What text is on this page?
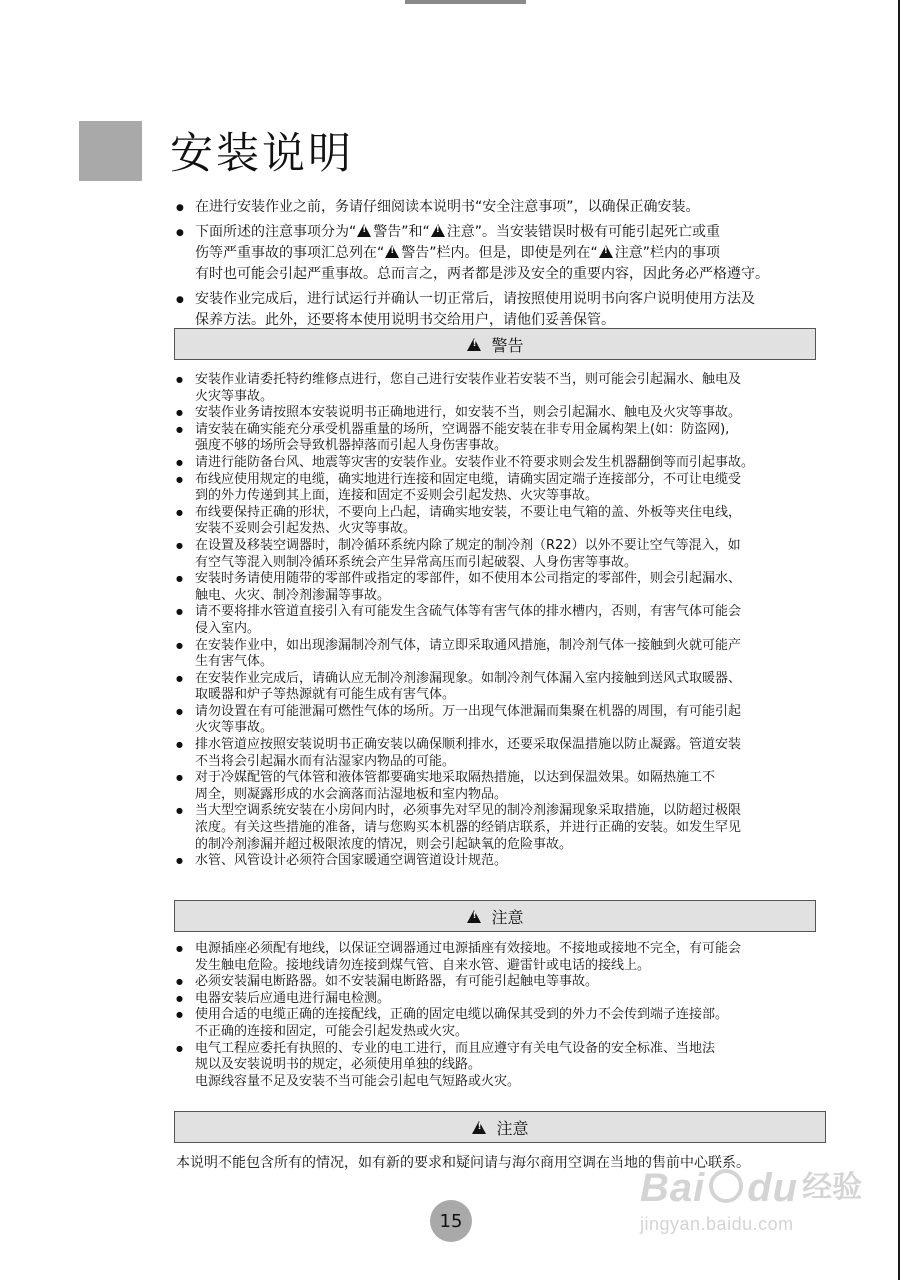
安装说明
● 在进行安装作业之前，务请仔细阅读本说明书“安全注意事项”，以确保正确安装。
● 下面所述的注意事项分为“ ! 警告”和“ ! 注意”。当安装错误时极有可能引起死亡或重
伤等严重事故的事项汇总列在“ ! 警告”栏内。但是，即使是列在“ ! 注意”栏内的事项
有时也可能会引起严重事故。总而言之，两者都是涉及安全的重要内容，因此务必严格遵守。
● 安装作业完成后，进行试运行并确认一切正常后，请按照使用说明书向客户说明使用方法及
保养方法。此外，还要将本使用说明书交给用户，请他们妥善保管。
!
警告
● 安装作业请委托特约维修点进行，您自己进行安装作业若安装不当，则可能会引起漏水、触电及
火灾等事故。
● 安装作业务请按照本安装说明书正确地进行，如安装不当，则会引起漏水、触电及火灾等事故。
● 请安装在确实能充分承受机器重量的场所，空调器不能安装在非专用金属构架上(如：防盗网),
强度不够的场所会导致机器掉落而引起人身伤害事故。
● 请进行能防备台风、地震等灾害的安装作业。安装作业不符要求则会发生机器翻倒等而引起事故。
● 布线应使用规定的电缆，确实地进行连接和固定电缆，请确实固定端子连接部分，不可让电缆受
到的外力传递到其上面，连接和固定不妥则会引起发热、火灾等事故。
● 布线要保持正确的形状，不要向上凸起，请确实地安装，不要让电气箱的盖、外板等夹住电线，
安装不妥则会引起发热、火灾等事故。
● 在设置及移装空调器时，制冷循环系统内除了规定的制冷剂（R22）以外不要让空气等混入，如
有空气等混入则制冷循环系统会产生异常高压而引起破裂、人身伤害等事故。
● 安装时务请使用随带的零部件或指定的零部件，如不使用本公司指定的零部件，则会引起漏水、
触电、火灾、制冷剂渗漏等事故。
● 请不要将排水管道直接引入有可能发生含硫气体等有害气体的排水槽内，否则，有害气体可能会
侵入室内。
● 在安装作业中，如出现渗漏制冷剂气体，请立即采取通风措施，制冷剂气体一接触到火就可能产
生有害气体。
● 在安装作业完成后，请确认应无制冷剂渗漏现象。如制冷剂气体漏入室内接触到送风式取暖器、
取暖器和炉子等热源就有可能生成有害气体。
● 请勿设置在有可能泄漏可燃性气体的场所。万一出现气体泄漏而集聚在机器的周围，有可能引起
火灾等事故。
● 排水管道应按照安装说明书正确安装以确保顺利排水，还要采取保温措施以防止凝露。管道安装
不当将会引起漏水而有沾湿家内物品的可能。
● 对于冷媒配管的气体管和液体管都要确实地采取隔热措施，以达到保温效果。如隔热施工不
周全，则凝露形成的水会滴落而沾湿地板和室内物品。
● 当大型空调系统安装在小房间内时，必须事先对罕见的制冷剂渗漏现象采取措施，以防超过极限
浓度。有关这些措施的准备，请与您购买本机器的经销店联系，并进行正确的安装。如发生罕见
的制冷剂渗漏并超过极限浓度的情况，则会引起缺氧的危险事故。
● 水管、风管设计必须符合国家暖通空调管道设计规范。
!
注意
● 电源插座必须配有地线，以保证空调器通过电源插座有效接地。不接地或接地不完全，有可能会
发生触电危险。接地线请勿连接到煤气管、自来水管、避雷针或电话的接线上。
● 必须安装漏电断路器。如不安装漏电断路器，有可能引起触电等事故。
● 电器安装后应通电进行漏电检测。
● 使用合适的电缆正确的连接配线，正确的固定电缆以确保其受到的外力不会传到端子连接部。
不正确的连接和固定，可能会引起发热或火灾。
● 电气工程应委托有执照的、专业的电工进行，而且应遵守有关电气设备的安全标准、当地法
规以及安装说明书的规定，必须使用单独的线路。
电源线容量不足及安装不当可能会引起电气短路或火灾。
!
注意
本说明不能包含所有的情况，如有新的要求和疑问请与海尔商用空调在当地的售前中心联系。
15
Bai du 经验
jingyan.baidu.com
